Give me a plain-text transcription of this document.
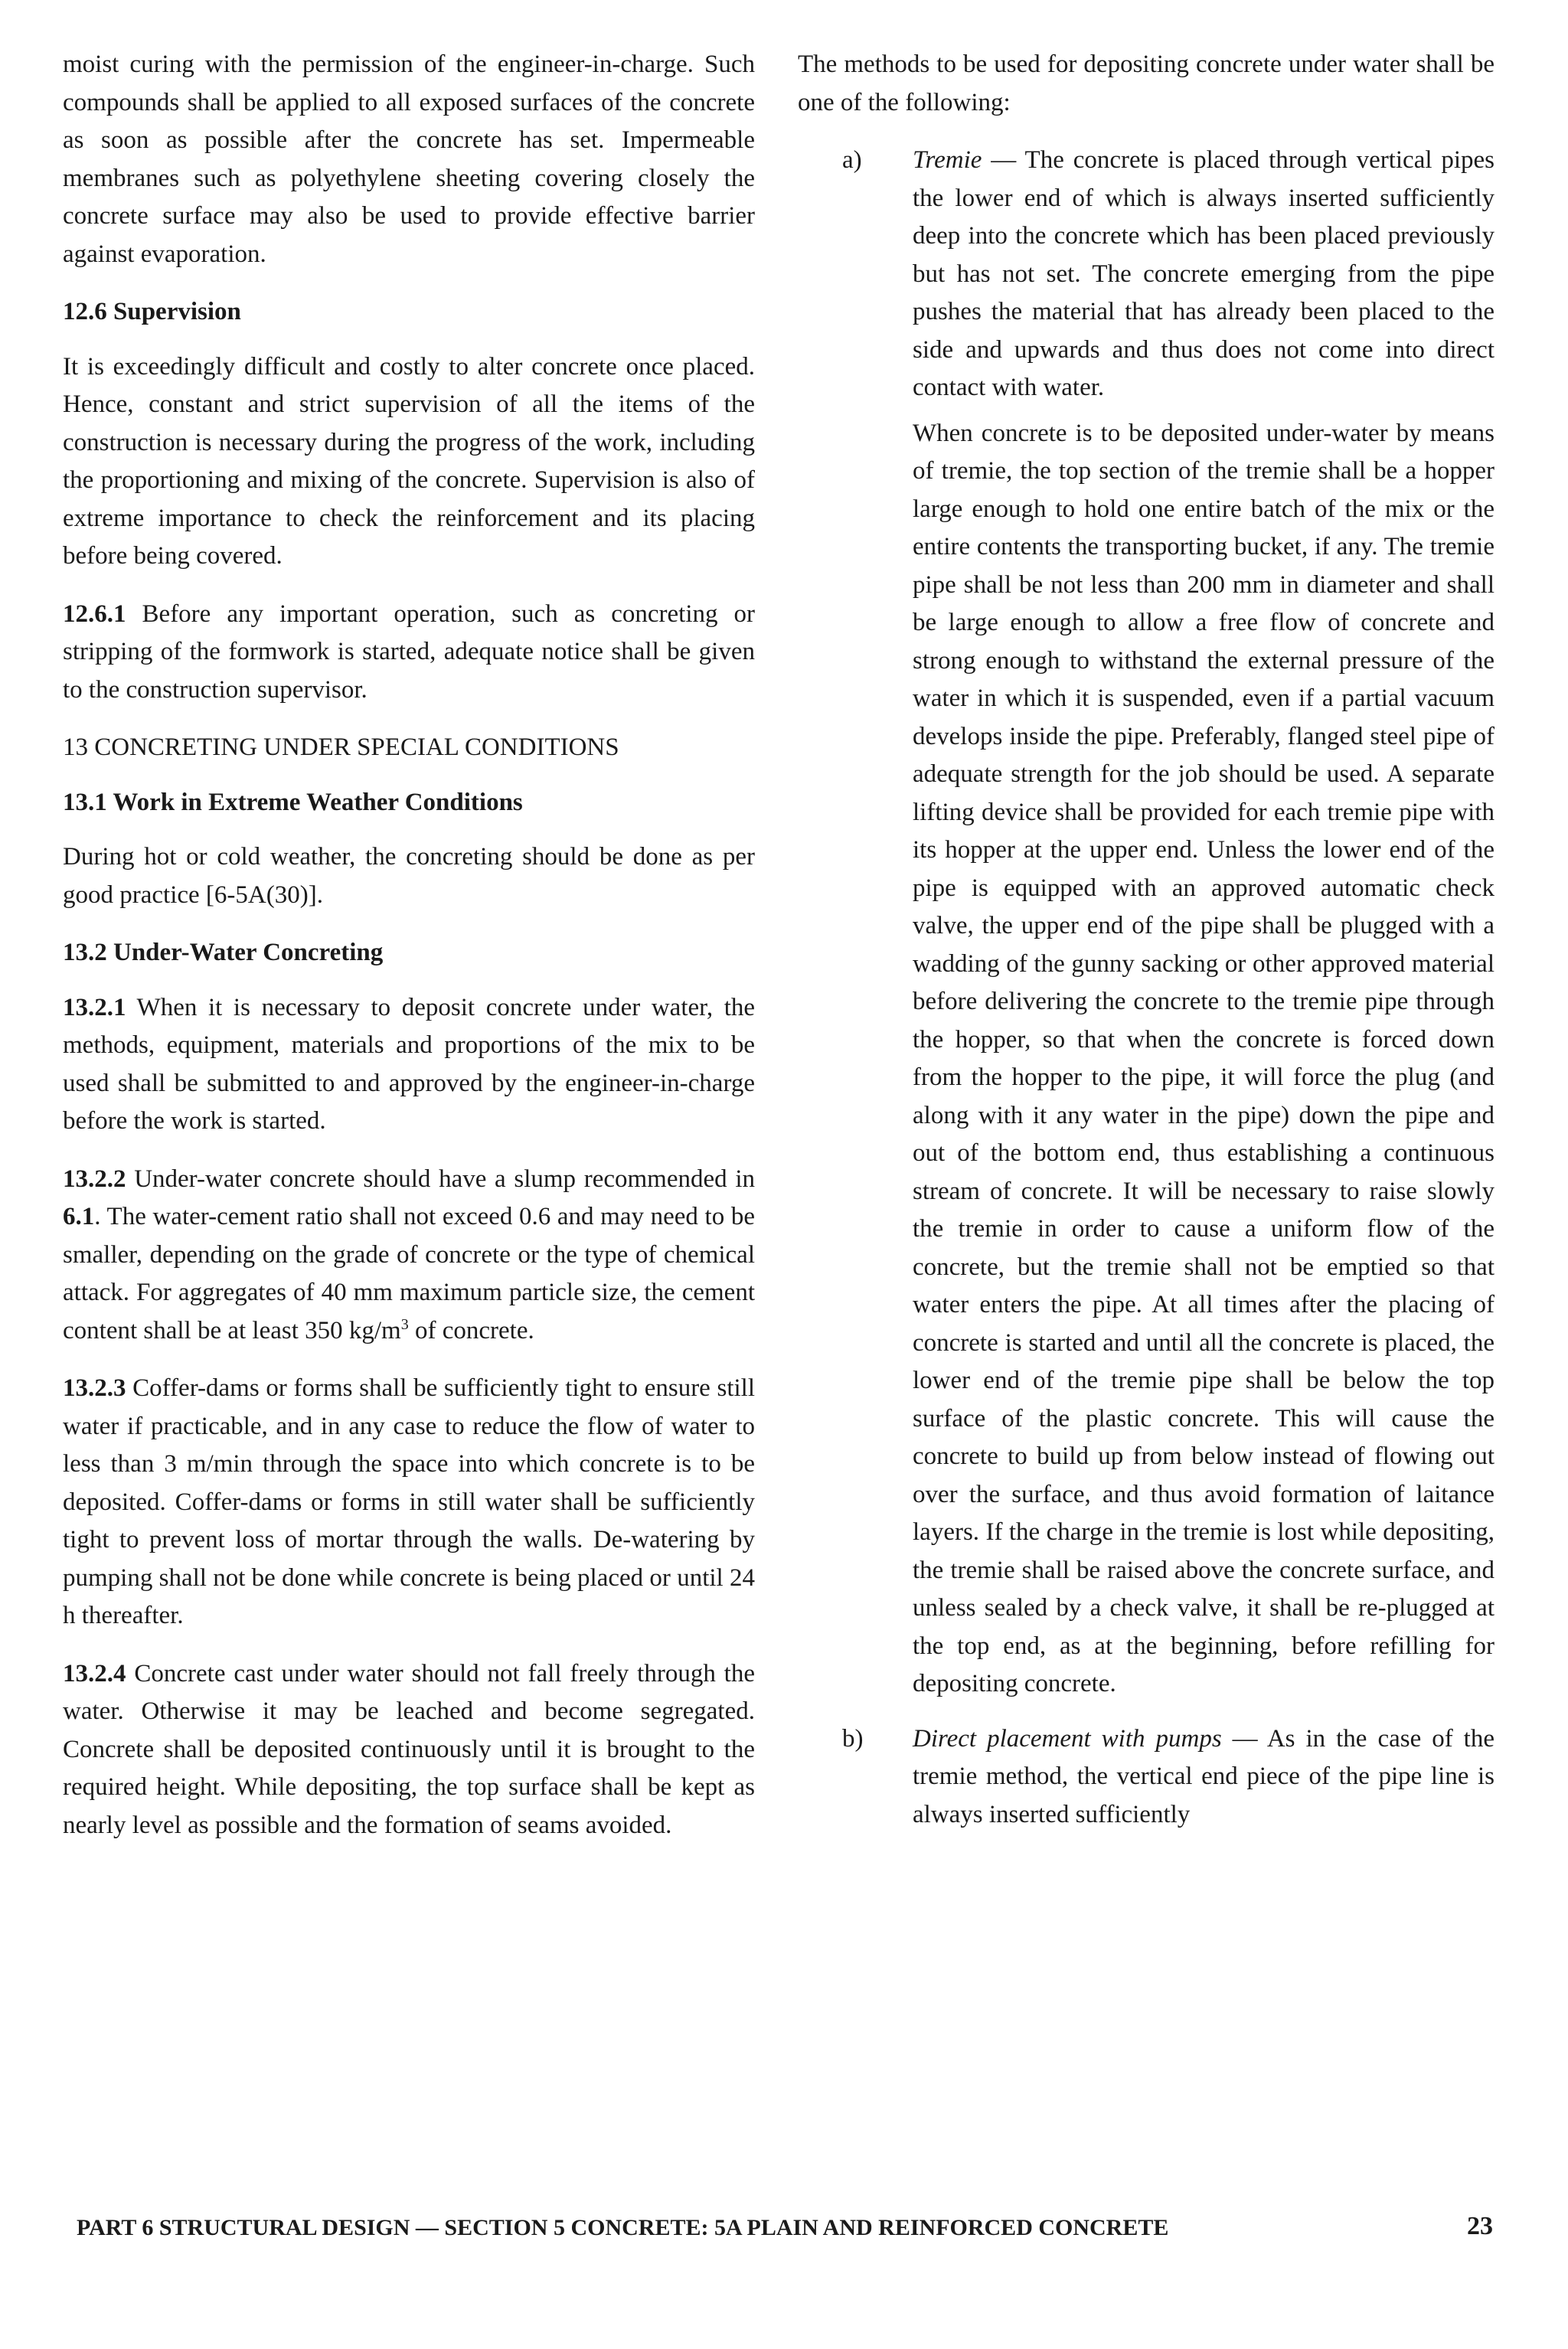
moist curing with the permission of the engineer-in-charge. Such compounds shall be applied to all exposed surfaces of the concrete as soon as possible after the concrete has set. Impermeable membranes such as polyethylene sheeting covering closely the concrete surface may also be used to provide effective barrier against evaporation.

12.6 Supervision

It is exceedingly difficult and costly to alter concrete once placed. Hence, constant and strict supervision of all the items of the construction is necessary during the progress of the work, including the proportioning and mixing of the concrete. Supervision is also of extreme importance to check the reinforcement and its placing before being covered.

12.6.1 Before any important operation, such as concreting or stripping of the formwork is started, adequate notice shall be given to the construction supervisor.

13 CONCRETING UNDER SPECIAL CONDITIONS
13.1 Work in Extreme Weather Conditions

During hot or cold weather, the concreting should be done as per good practice [6-5A(30)].

13.2 Under-Water Concreting

13.2.1 When it is necessary to deposit concrete under water, the methods, equipment, materials and proportions of the mix to be used shall be submitted to and approved by the engineer-in-charge before the work is started.

13.2.2 Under-water concrete should have a slump recommended in 6.1. The water-cement ratio shall not exceed 0.6 and may need to be smaller, depending on the grade of concrete or the type of chemical attack. For aggregates of 40 mm maximum particle size, the cement content shall be at least 350 $kg/m^3$ of concrete.

13.2.3 Coffer-dams or forms shall be sufficiently tight to ensure still water if practicable, and in any case to reduce the flow of water to less than 3 m/min through the space into which concrete is to be deposited. Coffer-dams or forms in still water shall be sufficiently tight to prevent loss of mortar through the walls. De-watering by pumping shall not be done while concrete is being placed or until 24 h thereafter.

13.2.4 Concrete cast under water should not fall freely through the water. Otherwise it may be leached and become segregated. Concrete shall be deposited continuously until it is brought to the required height. While depositing, the top surface shall be kept as nearly level as possible and the formation of seams avoided.

The methods to be used for depositing concrete under water shall be one of the following:

a) Tremie — The concrete is placed through vertical pipes the lower end of which is always inserted sufficiently deep into the concrete which has been placed previously but has not set. The concrete emerging from the pipe pushes the material that has already been placed to the side and upwards and thus does not come into direct contact with water.

When concrete is to be deposited under-water by means of tremie, the top section of the tremie shall be a hopper large enough to hold one entire batch of the mix or the entire contents the transporting bucket, if any. The tremie pipe shall be not less than 200 mm in diameter and shall be large enough to allow a free flow of concrete and strong enough to withstand the external pressure of the water in which it is suspended, even if a partial vacuum develops inside the pipe. Preferably, flanged steel pipe of adequate strength for the job should be used. A separate lifting device shall be provided for each tremie pipe with its hopper at the upper end. Unless the lower end of the pipe is equipped with an approved automatic check valve, the upper end of the pipe shall be plugged with a wadding of the gunny sacking or other approved material before delivering the concrete to the tremie pipe through the hopper, so that when the concrete is forced down from the hopper to the pipe, it will force the plug (and along with it any water in the pipe) down the pipe and out of the bottom end, thus establishing a continuous stream of concrete. It will be necessary to raise slowly the tremie in order to cause a uniform flow of the concrete, but the tremie shall not be emptied so that water enters the pipe. At all times after the placing of concrete is started and until all the concrete is placed, the lower end of the tremie pipe shall be below the top surface of the plastic concrete. This will cause the concrete to build up from below instead of flowing out over the surface, and thus avoid formation of laitance layers. If the charge in the tremie is lost while depositing, the tremie shall be raised above the concrete surface, and unless sealed by a check valve, it shall be re-plugged at the top end, as at the beginning, before refilling for depositing concrete.

b) Direct placement with pumps — As in the case of the tremie method, the vertical end piece of the pipe line is always inserted sufficiently

PART 6 STRUCTURAL DESIGN — SECTION 5 CONCRETE: 5A PLAIN AND REINFORCED CONCRETE	23
